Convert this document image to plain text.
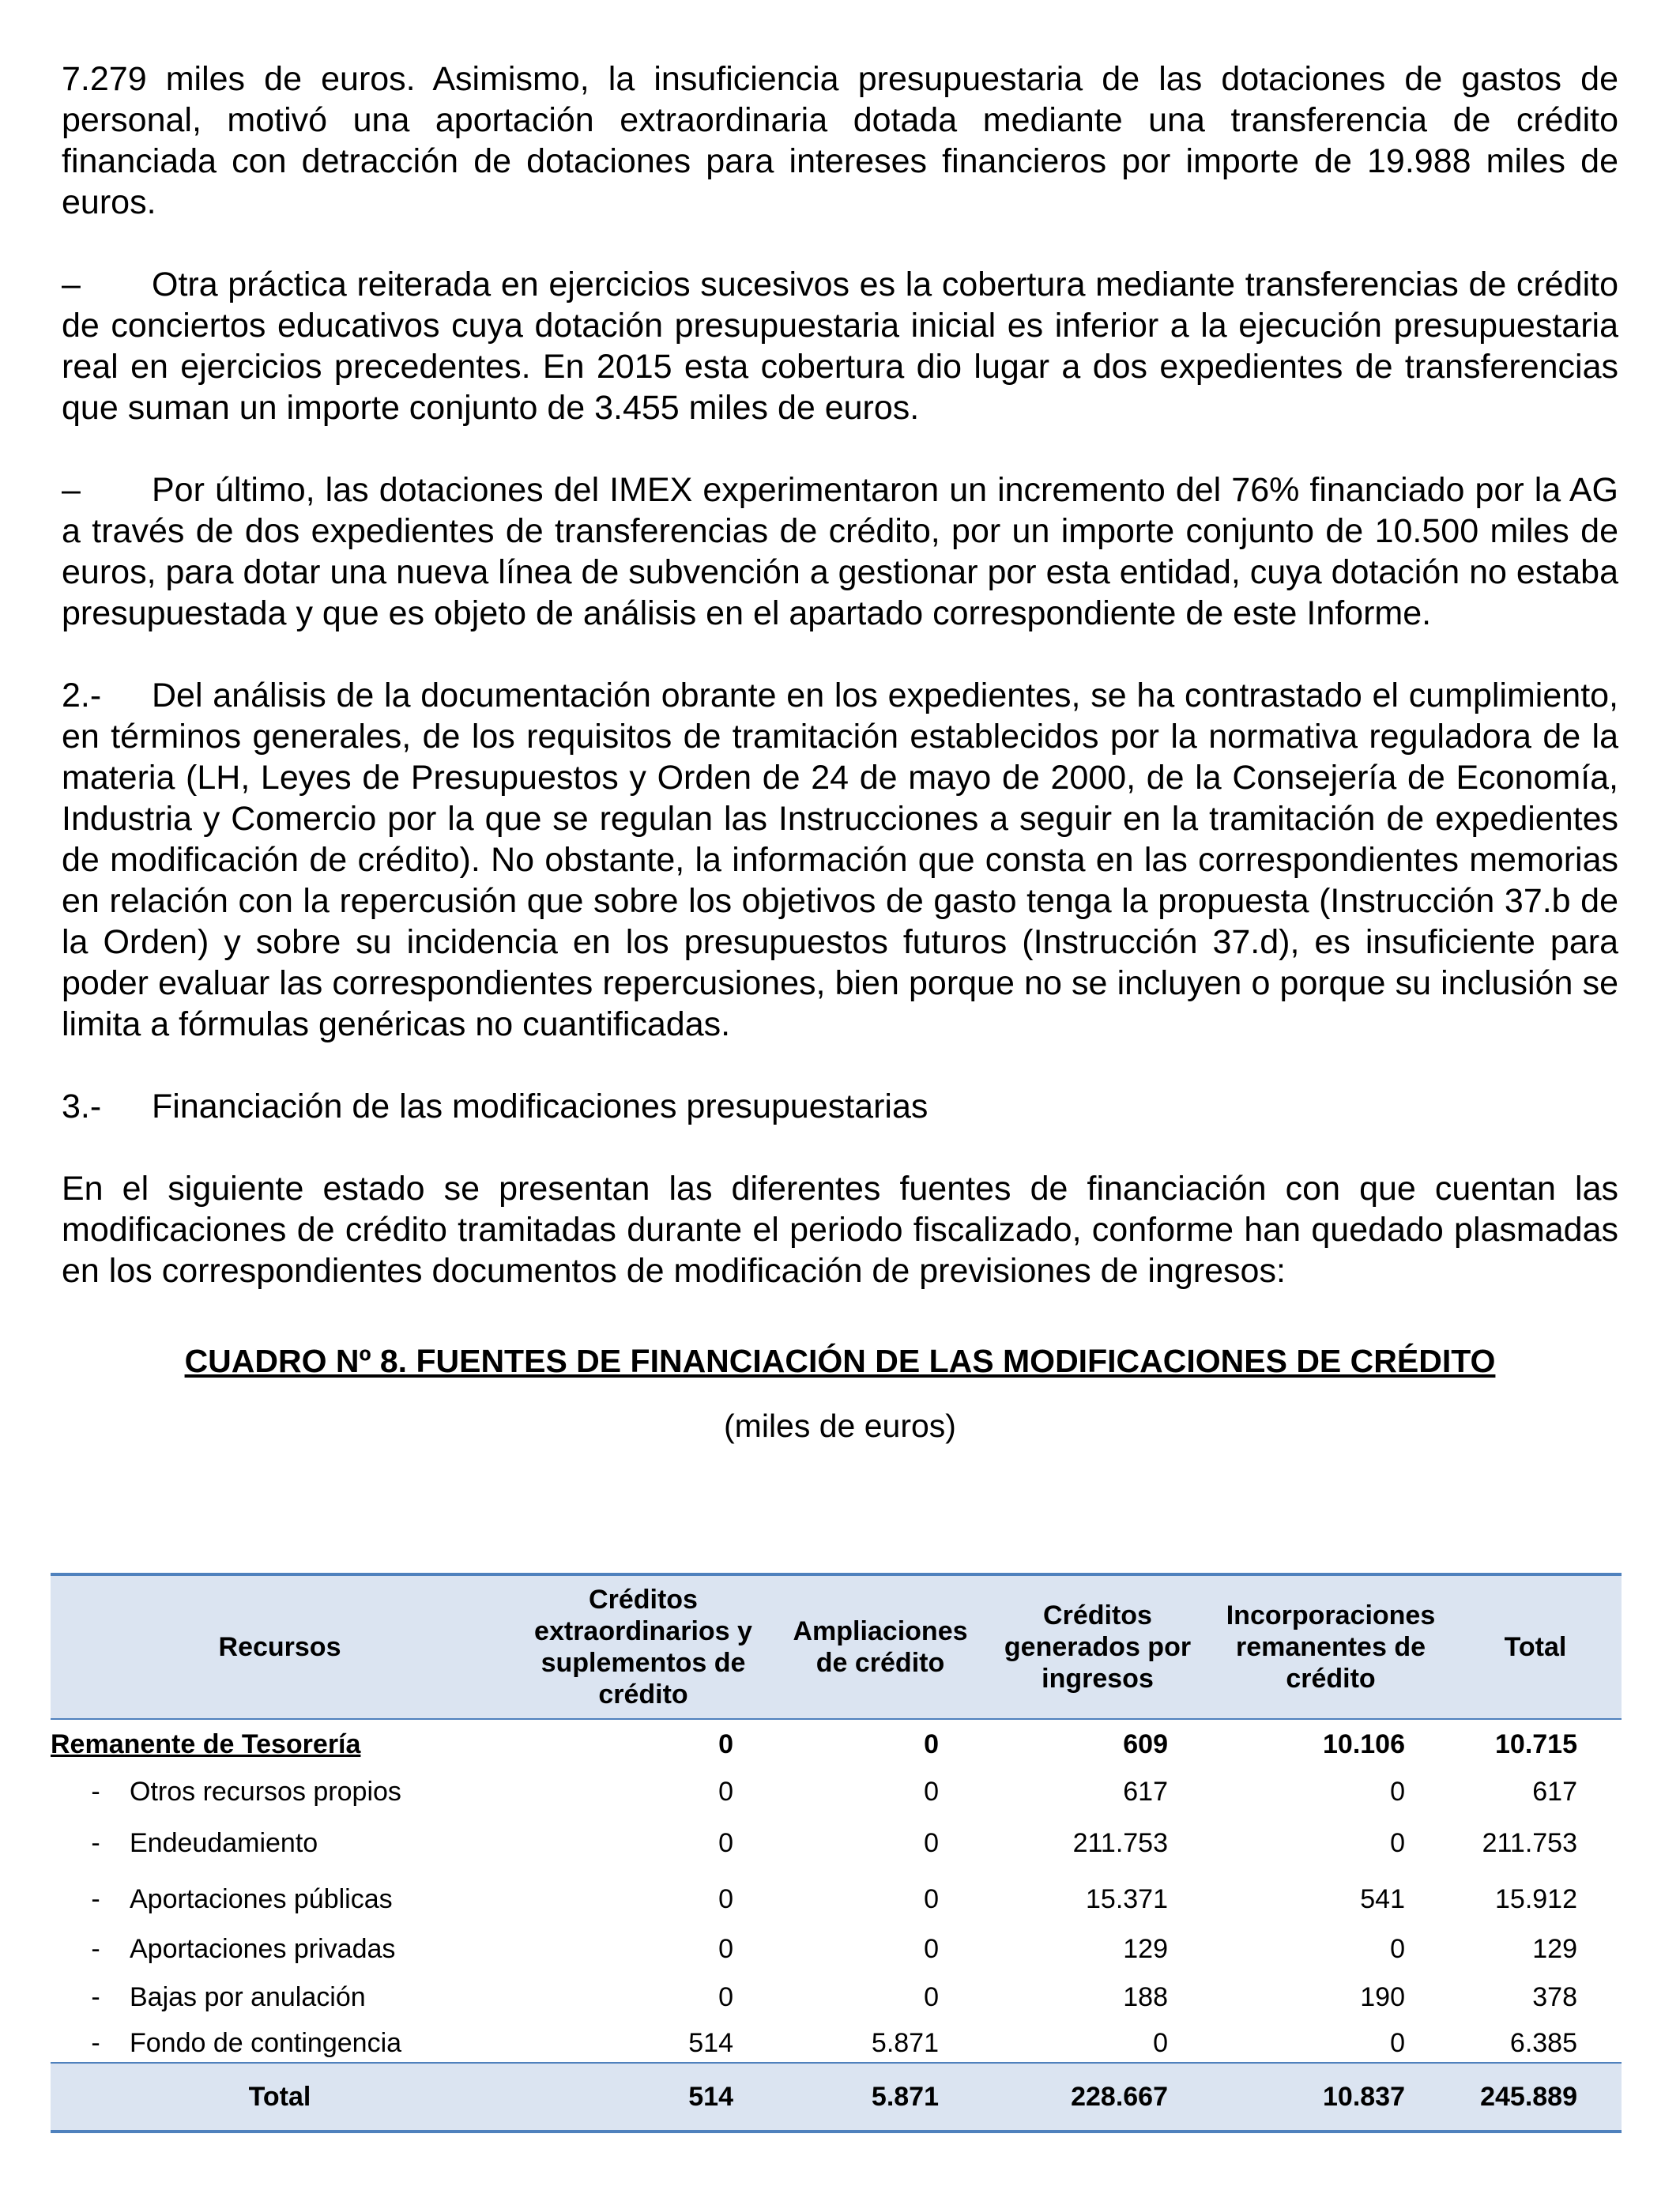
7.279 miles de euros. Asimismo, la insuficiencia presupuestaria de las dotaciones de gastos de personal, motivó una aportación extraordinaria dotada mediante una transferencia de crédito financiada con detracción de dotaciones para intereses financieros por importe de 19.988 miles de euros.

– Otra práctica reiterada en ejercicios sucesivos es la cobertura mediante transferencias de crédito de conciertos educativos cuya dotación presupuestaria inicial es inferior a la ejecución presupuestaria real en ejercicios precedentes. En 2015 esta cobertura dio lugar a dos expedientes de transferencias que suman un importe conjunto de 3.455 miles de euros.

– Por último, las dotaciones del IMEX experimentaron un incremento del 76% financiado por la AG a través de dos expedientes de transferencias de crédito, por un importe conjunto de 10.500 miles de euros, para dotar una nueva línea de subvención a gestionar por esta entidad, cuya dotación no estaba presupuestada y que es objeto de análisis en el apartado correspondiente de este Informe.

2.- Del análisis de la documentación obrante en los expedientes, se ha contrastado el cumplimiento, en términos generales, de los requisitos de tramitación establecidos por la normativa reguladora de la materia (LH, Leyes de Presupuestos y Orden de 24 de mayo de 2000, de la Consejería de Economía, Industria y Comercio por la que se regulan las Instrucciones a seguir en la tramitación de expedientes de modificación de crédito). No obstante, la información que consta en las correspondientes memorias en relación con la repercusión que sobre los objetivos de gasto tenga la propuesta (Instrucción 37.b de la Orden) y sobre su incidencia en los presupuestos futuros (Instrucción 37.d), es insuficiente para poder evaluar las correspondientes repercusiones, bien porque no se incluyen o porque su inclusión se limita a fórmulas genéricas no cuantificadas.

3.- Financiación de las modificaciones presupuestarias

En el siguiente estado se presentan las diferentes fuentes de financiación con que cuentan las modificaciones de crédito tramitadas durante el periodo fiscalizado, conforme han quedado plasmadas en los correspondientes documentos de modificación de previsiones de ingresos:

CUADRO Nº 8. FUENTES DE FINANCIACIÓN DE LAS MODIFICACIONES DE CRÉDITO
(miles de euros)
Recursos	Créditos extraordinarios y suplementos de crédito	Ampliaciones de crédito	Créditos generados por ingresos	Incorporaciones remanentes de crédito	Total
Remanente de Tesorería	0	0	609	10.106	10.715
- Otros recursos propios	0	0	617	0	617
- Endeudamiento	0	0	211.753	0	211.753
- Aportaciones públicas	0	0	15.371	541	15.912
- Aportaciones privadas	0	0	129	0	129
- Bajas por anulación	0	0	188	190	378
- Fondo de contingencia	514	5.871	0	0	6.385
Total	514	5.871	228.667	10.837	245.889
